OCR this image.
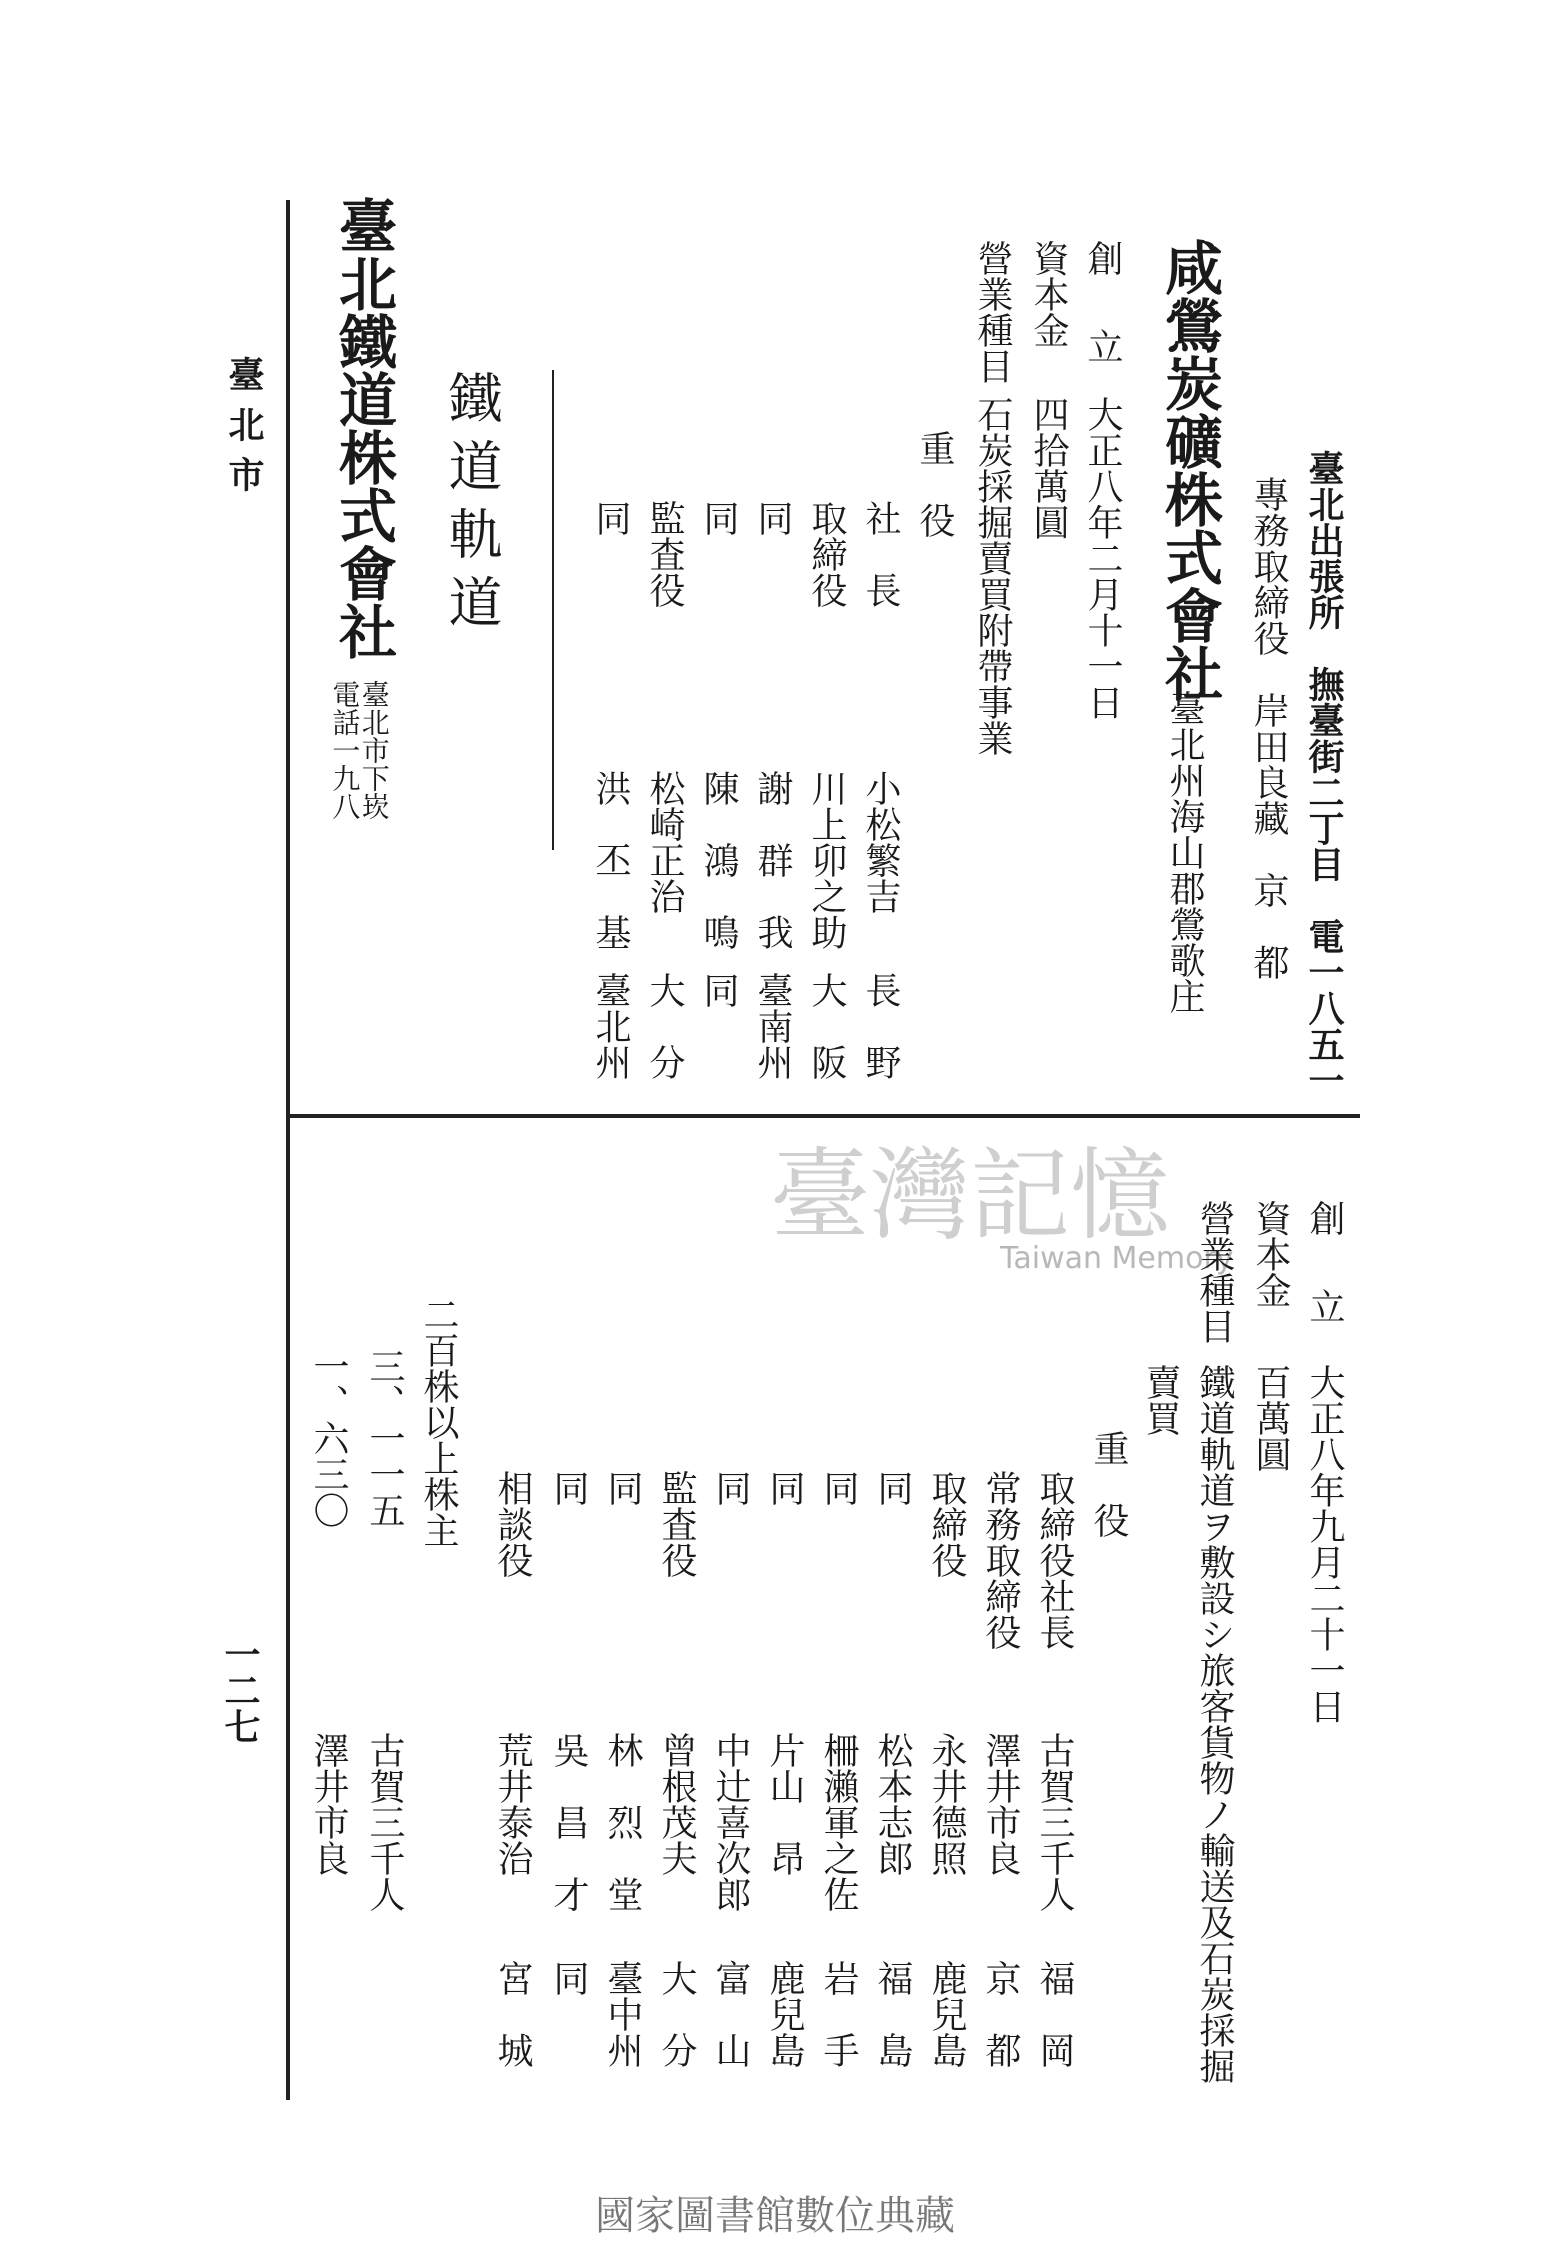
臺北市
一二七
臺北出張所　撫臺街二丁目　電一八五一
專務取締役　岸田良藏　京　都
咸鶯炭礦株式會社
臺北州海山郡鶯歌庄
創　立
大正八年二月十一日
資本金
四拾萬圓
營業種目
石炭採掘賣買附帶事業
重　役
社　長
小松繁吉
長　野
取締役
川上卯之助
大　阪
同
謝　群　我
臺南州
同
陳　鴻　鳴
同
監査役
松崎正治
大　分
同
洪　丕　基
臺北州
鐵道軌道
臺北鐵道株式會社
臺北市下崁
電話一九八
臺灣記憶
Taiwan Memory 創　立
大正八年九月二十一日
資本金
百萬圓
營業種目
鐵道軌道ヲ敷設シ旅客貨物ノ輸送及石炭採掘
賣買
重　役
取締役社長
古賀三千人
福　岡
常務取締役
澤井市良
京　都
取締役
永井德照
鹿兒島
同
松本志郎
福　島
同
柵瀨軍之佐
岩　手
同
片山　昂
鹿兒島
同
中辻喜次郎
富　山
監査役
曾根茂夫
大　分
同
林　烈　堂
臺中州
同
吳　昌　才
同
相談役
荒井泰治
宮　城
二百株以上株主
三、一一五
古賀三千人
一、六三〇
澤井市良
國家圖書館數位典藏
